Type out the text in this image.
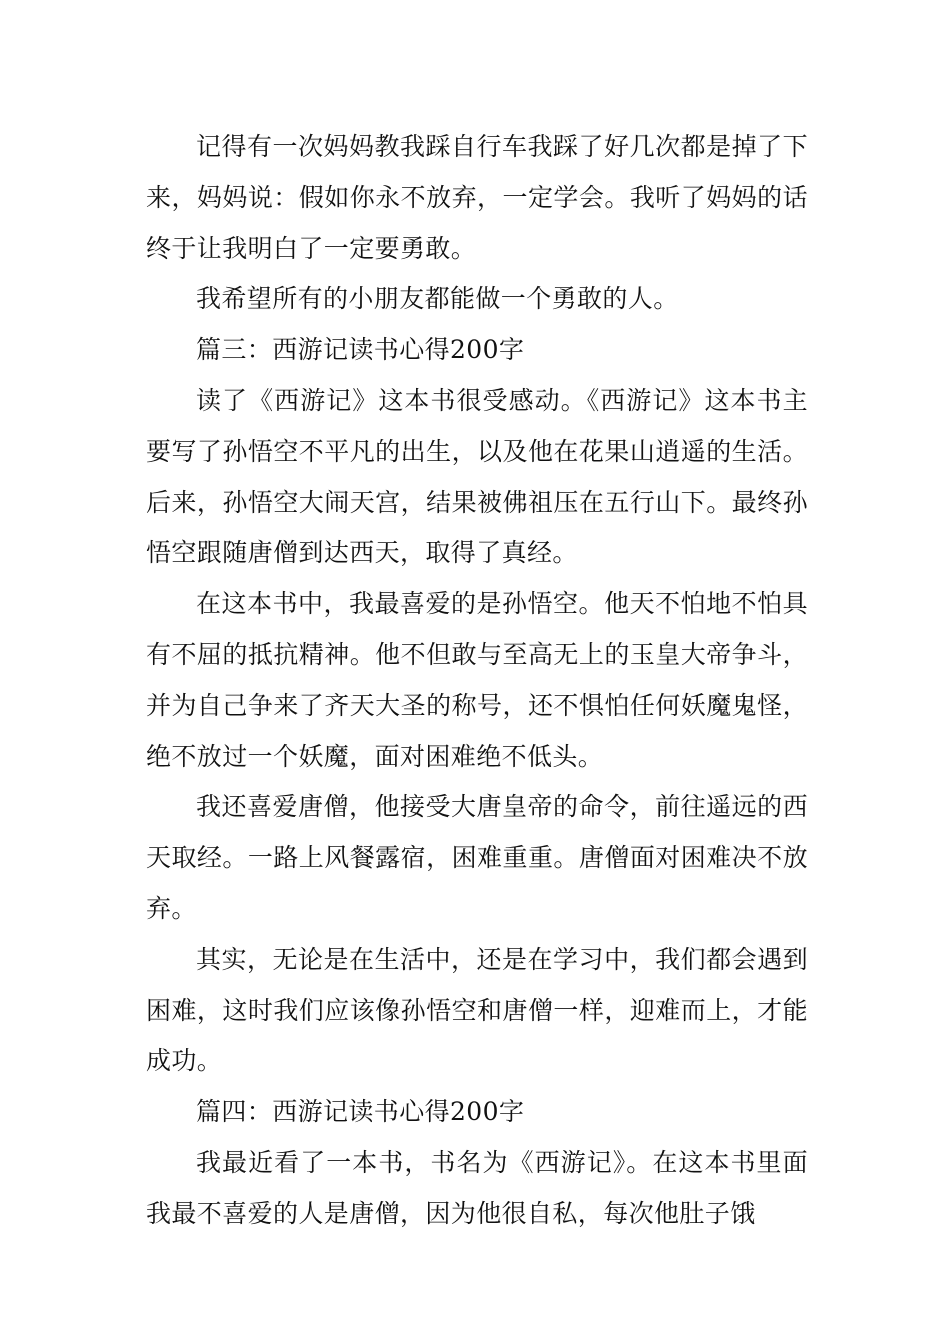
记得有一次妈妈教我踩自行车我踩了好几次都是掉了下来，妈妈说：假如你永不放弃，一定学会。我听了妈妈的话终于让我明白了一定要勇敢。

我希望所有的小朋友都能做一个勇敢的人。

篇三：西游记读书心得200字

读了《西游记》这本书很受感动。《西游记》这本书主要写了孙悟空不平凡的出生，以及他在花果山逍遥的生活。后来，孙悟空大闹天宫，结果被佛祖压在五行山下。最终孙悟空跟随唐僧到达西天，取得了真经。

在这本书中，我最喜爱的是孙悟空。他天不怕地不怕具有不屈的抵抗精神。他不但敢与至高无上的玉皇大帝争斗，并为自己争来了齐天大圣的称号，还不惧怕任何妖魔鬼怪，绝不放过一个妖魔，面对困难绝不低头。

我还喜爱唐僧，他接受大唐皇帝的命令，前往遥远的西天取经。一路上风餐露宿，困难重重。唐僧面对困难决不放弃。

其实，无论是在生活中，还是在学习中，我们都会遇到困难，这时我们应该像孙悟空和唐僧一样，迎难而上，才能成功。

篇四：西游记读书心得200字

我最近看了一本书，书名为《西游记》。在这本书里面我最不喜爱的人是唐僧，因为他很自私，每次他肚子饿
